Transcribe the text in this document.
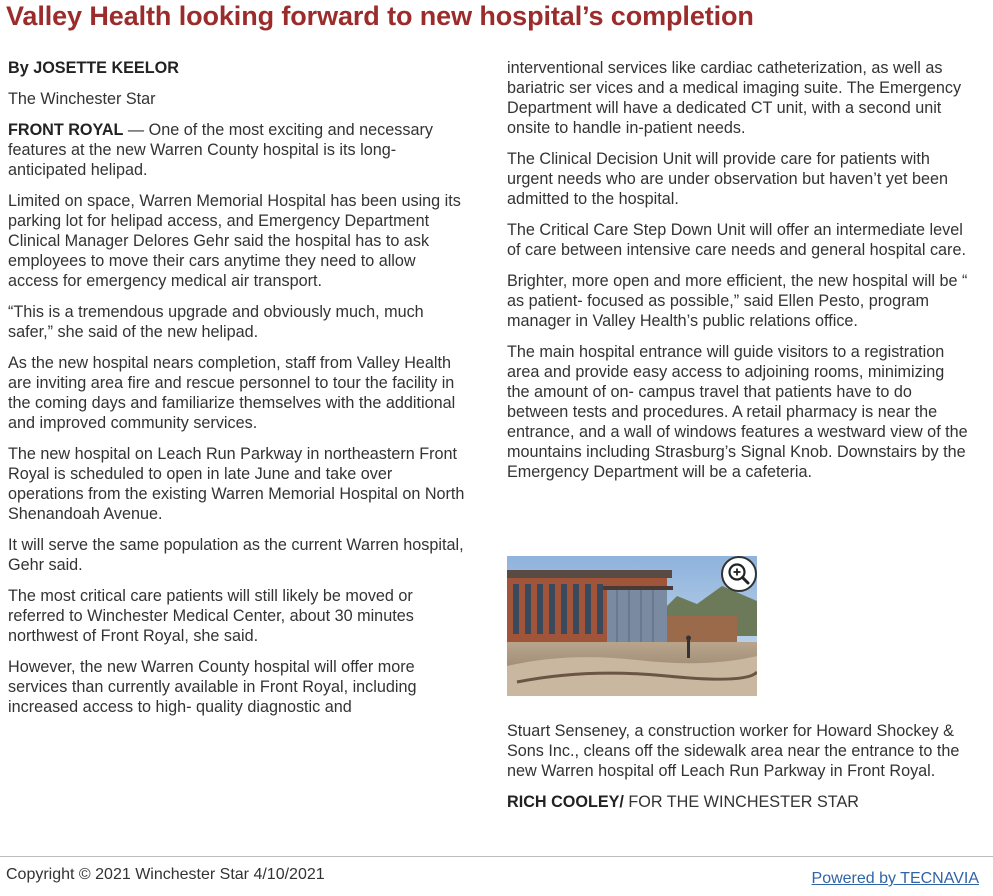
Valley Health looking forward to new hospital’s completion

By JOSETTE KEELOR

The Winchester Star

FRONT ROYAL — One of the most exciting and necessary features at the new Warren County hospital is its long-anticipated helipad.

Limited on space, Warren Memorial Hospital has been using its parking lot for helipad access, and Emergency Department Clinical Manager Delores Gehr said the hospital has to ask employees to move their cars anytime they need to allow access for emergency medical air transport.

“This is a tremendous upgrade and obviously much, much safer,” she said of the new helipad.

As the new hospital nears completion, staff from Valley Health are inviting area fire and rescue personnel to tour the facility in the coming days and familiarize themselves with the additional and improved community services.

The new hospital on Leach Run Parkway in northeastern Front Royal is scheduled to open in late June and take over operations from the existing Warren Memorial Hospital on North Shenandoah Avenue.

It will serve the same population as the current Warren hospital, Gehr said.

The most critical care patients will still likely be moved or referred to Winchester Medical Center, about 30 minutes northwest of Front Royal, she said.

However, the new Warren County hospital will offer more services than currently available in Front Royal, including increased access to high- quality diagnostic and

interventional services like cardiac catheterization, as well as bariatric ser vices and a medical imaging suite. The Emergency Department will have a dedicated CT unit, with a second unit onsite to handle in-patient needs.

The Clinical Decision Unit will provide care for patients with urgent needs who are under observation but haven’t yet been admitted to the hospital.

The Critical Care Step Down Unit will offer an intermediate level of care between intensive care needs and general hospital care.

Brighter, more open and more efficient, the new hospital will be “ as patient- focused as possible,” said Ellen Pesto, program manager in Valley Health’s public relations office.

The main hospital entrance will guide visitors to a registration area and provide easy access to adjoining rooms, minimizing the amount of on- campus travel that patients have to do between tests and procedures. A retail pharmacy is near the entrance, and a wall of windows features a westward view of the mountains including Strasburg’s Signal Knob. Downstairs by the Emergency Department will be a cafeteria.

Stuart Senseney, a construction worker for Howard Shockey & Sons Inc., cleans off the sidewalk area near the entrance to the new Warren hospital off Leach Run Parkway in Front Royal.

RICH COOLEY/ FOR THE WINCHESTER STAR

Copyright © 2021 Winchester Star 4/10/2021	Powered by TECNAVIA
